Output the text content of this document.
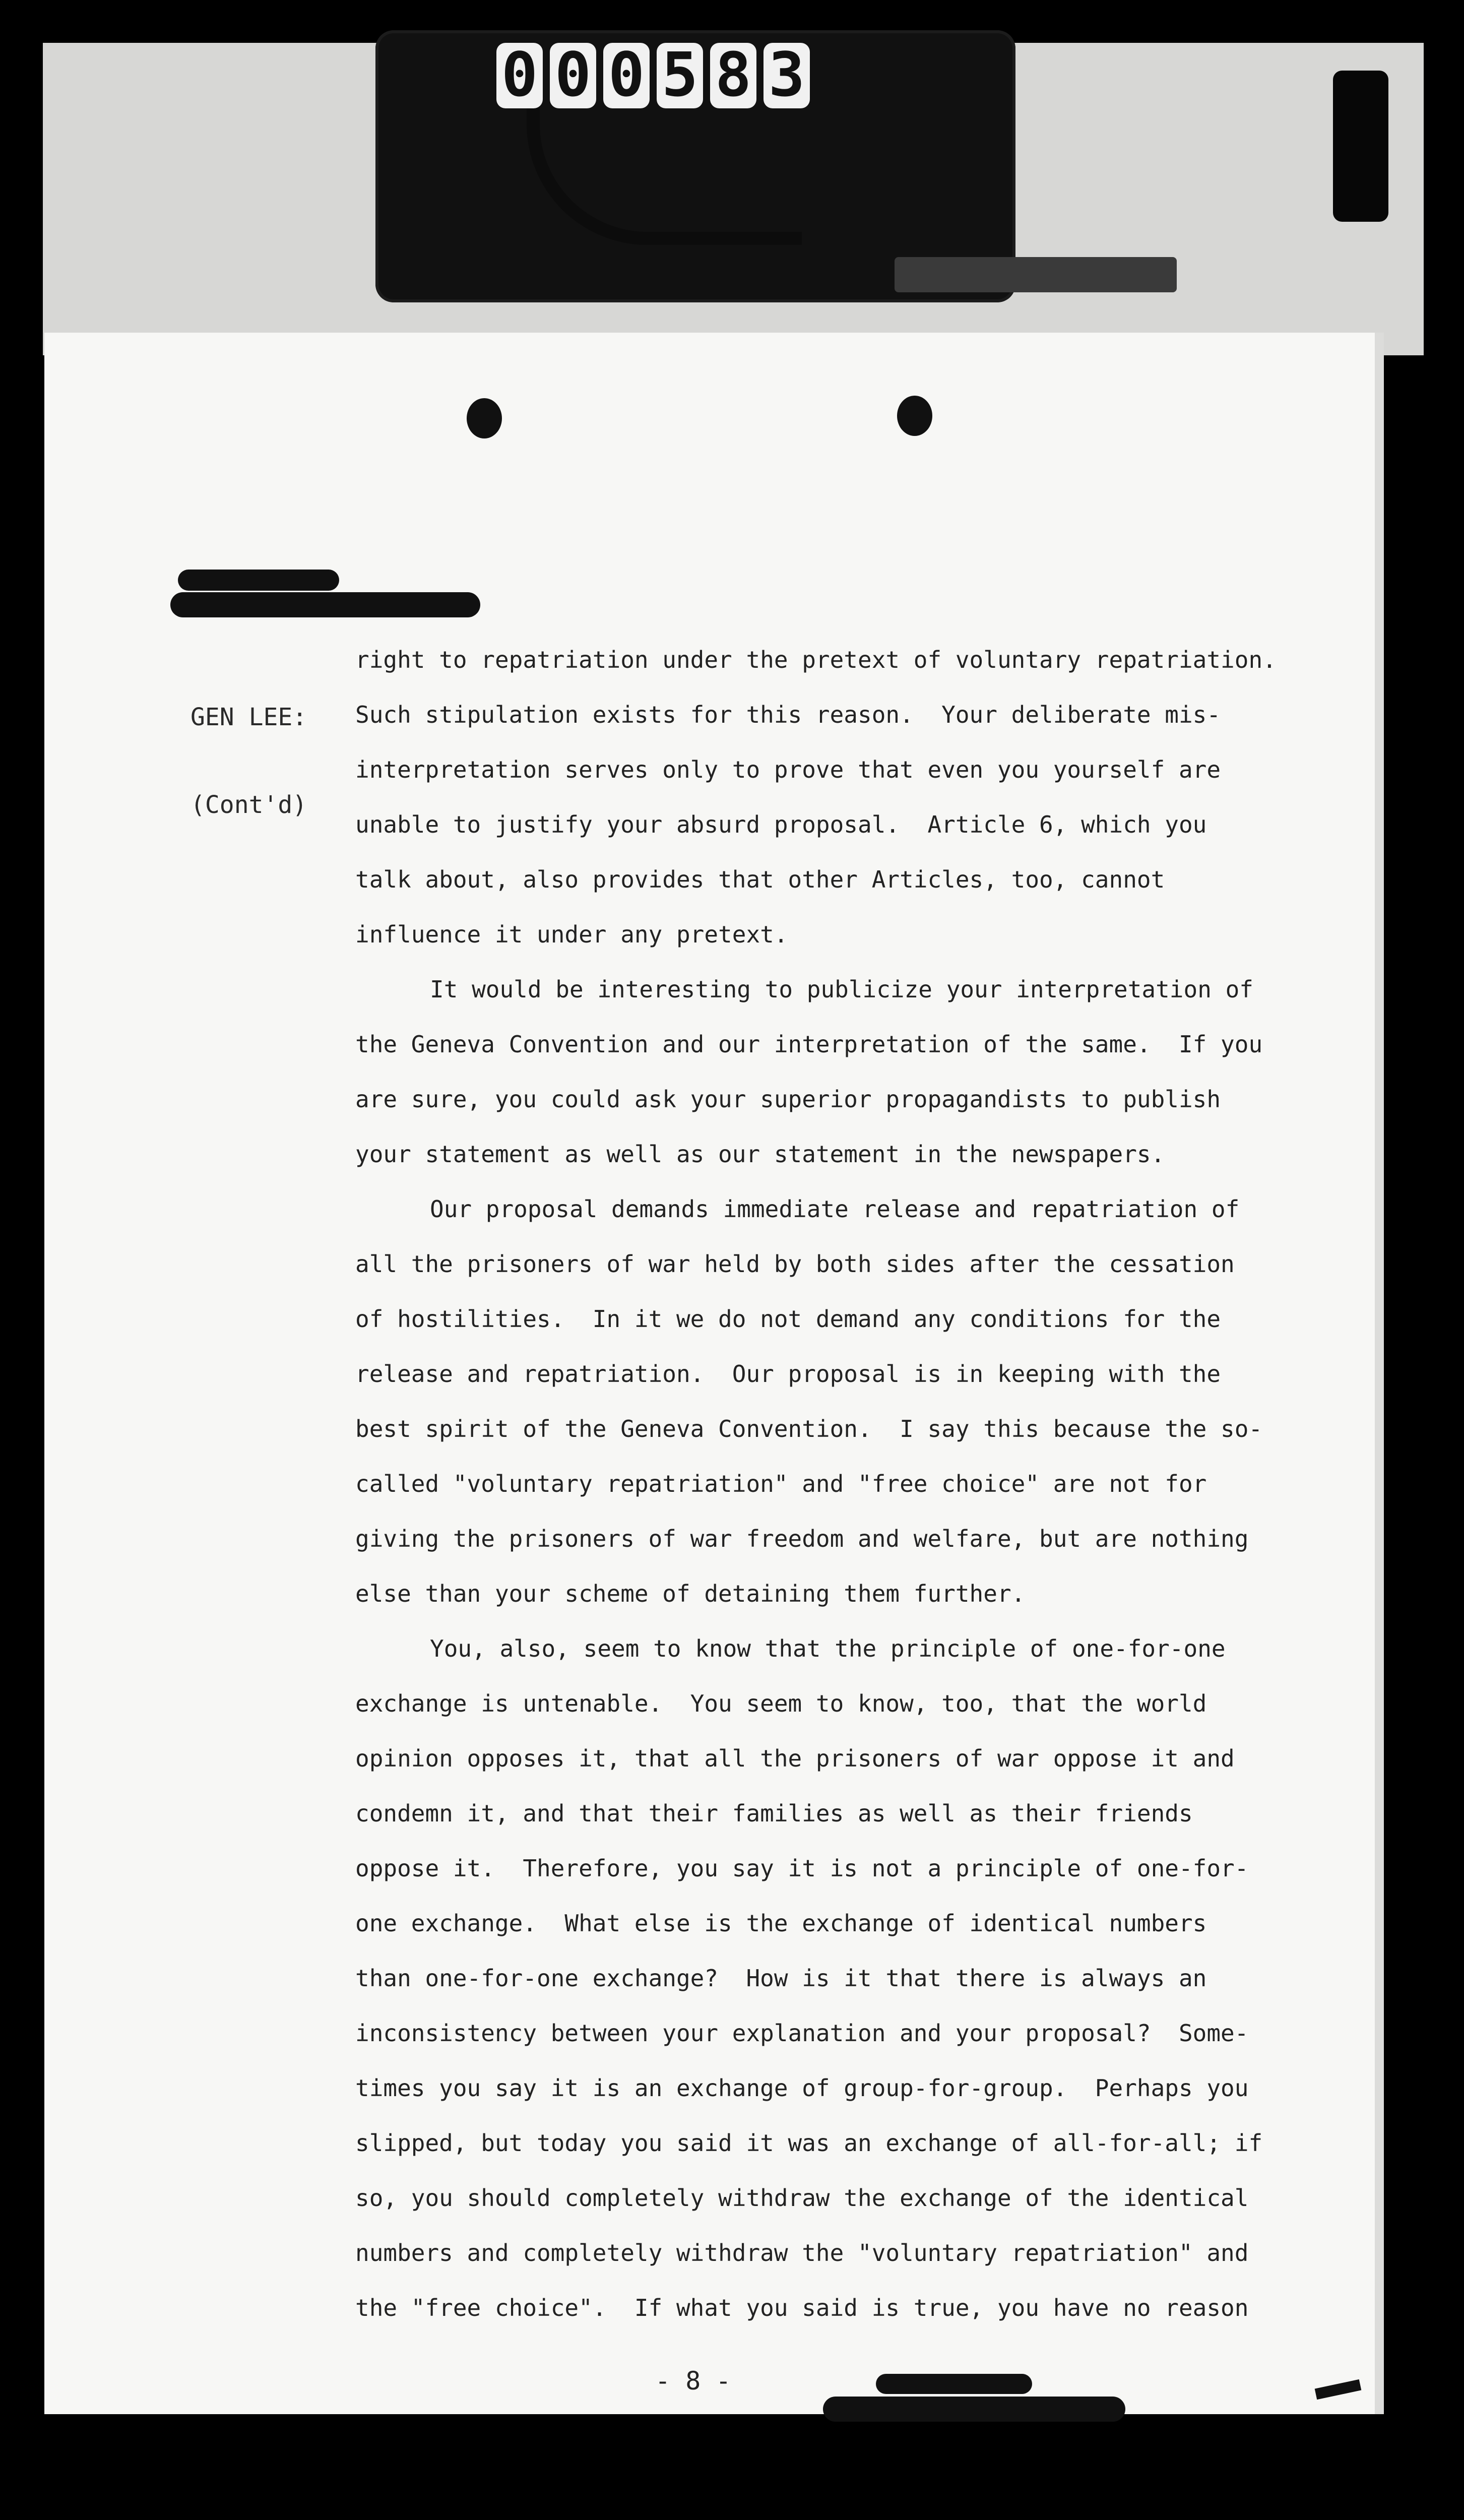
0 0 0 5 8 3

GEN LEE:

(Cont'd)

right to repatriation under the pretext of voluntary repatriation.
Such stipulation exists for this reason.  Your deliberate mis-
interpretation serves only to prove that even you yourself are
unable to justify your absurd proposal.  Article 6, which you
talk about, also provides that other Articles, too, cannot
influence it under any pretext.
It would be interesting to publicize your interpretation of
the Geneva Convention and our interpretation of the same.  If you
are sure, you could ask your superior propagandists to publish
your statement as well as our statement in the newspapers.
Our proposal demands immediate release and repatriation of
all the prisoners of war held by both sides after the cessation
of hostilities.  In it we do not demand any conditions for the
release and repatriation.  Our proposal is in keeping with the
best spirit of the Geneva Convention.  I say this because the so-
called "voluntary repatriation" and "free choice" are not for
giving the prisoners of war freedom and welfare, but are nothing
else than your scheme of detaining them further.
You, also, seem to know that the principle of one-for-one
exchange is untenable.  You seem to know, too, that the world
opinion opposes it, that all the prisoners of war oppose it and
condemn it, and that their families as well as their friends
oppose it.  Therefore, you say it is not a principle of one-for-
one exchange.  What else is the exchange of identical numbers
than one-for-one exchange?  How is it that there is always an
inconsistency between your explanation and your proposal?  Some-
times you say it is an exchange of group-for-group.  Perhaps you
slipped, but today you said it was an exchange of all-for-all; if
so, you should completely withdraw the exchange of the identical
numbers and completely withdraw the "voluntary repatriation" and
the "free choice".  If what you said is true, you have no reason
- 8 -
